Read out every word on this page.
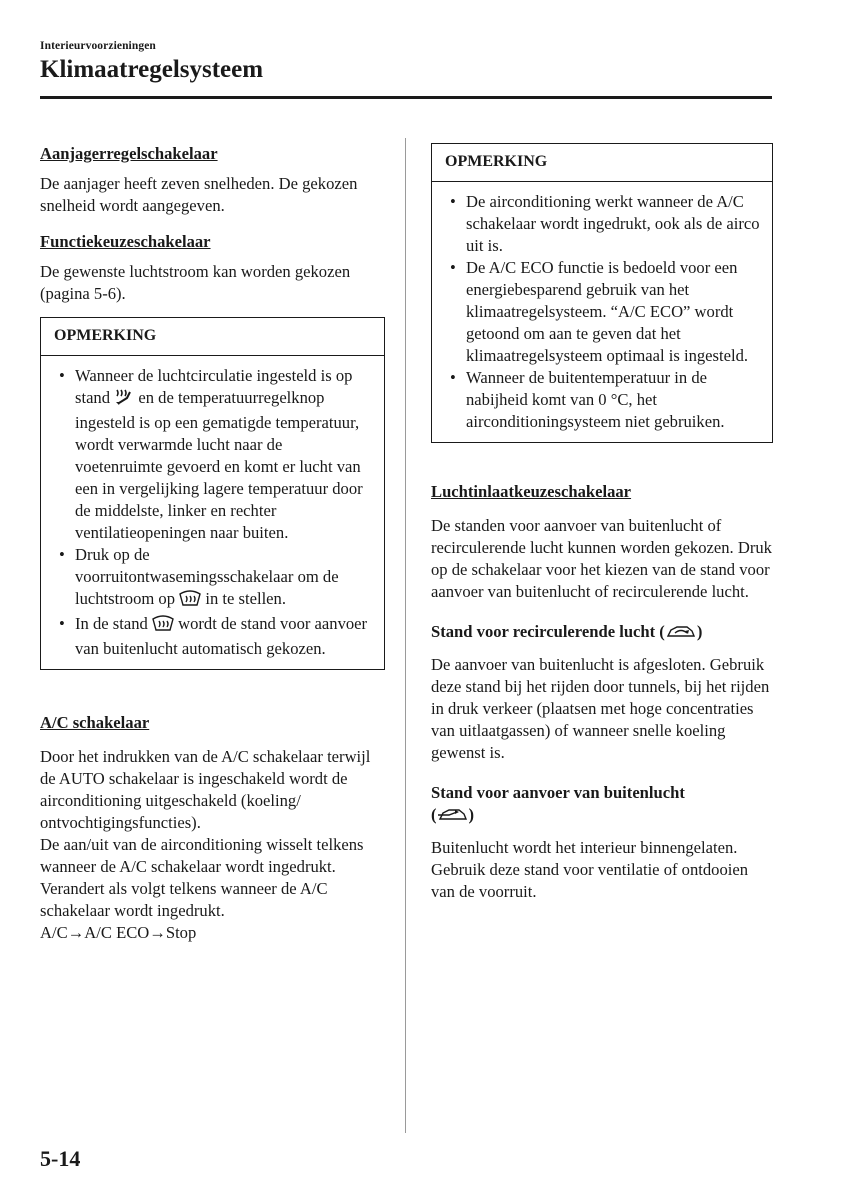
Interieurvoorzieningen
Klimaatregelsysteem
Aanjagerregelschakelaar

De aanjager heeft zeven snelheden. De gekozen snelheid wordt aangegeven.

Functiekeuzeschakelaar

De gewenste luchtstroom kan worden gekozen (pagina 5-6).

OPMERKING
• Wanneer de luchtcirculatie ingesteld is op stand en de temperatuurregelknop ingesteld is op een gematigde temperatuur, wordt verwarmde lucht naar de voetenruimte gevoerd en komt er lucht van een in vergelijking lagere temperatuur door de middelste, linker en rechter ventilatieopeningen naar buiten.
• Druk op de voorruitontwasemingsschakelaar om de luchtstroom op in te stellen.
• In de stand wordt de stand voor aanvoer van buitenlucht automatisch gekozen.
A/C schakelaar
Door het indrukken van de A/C schakelaar terwijl de AUTO schakelaar is ingeschakeld wordt de airconditioning uitgeschakeld (koeling/ ontvochtigingsfuncties).
De aan/uit van de airconditioning wisselt telkens wanneer de A/C schakelaar wordt ingedrukt.
Verandert als volgt telkens wanneer de A/C schakelaar wordt ingedrukt.
A/C→A/C ECO→Stop
OPMERKING
• De airconditioning werkt wanneer de A/C schakelaar wordt ingedrukt, ook als de airco uit is.
• De A/C ECO functie is bedoeld voor een energiebesparend gebruik van het klimaatregelsysteem. “A/C ECO” wordt getoond om aan te geven dat het klimaatregelsysteem optimaal is ingesteld.
• Wanneer de buitentemperatuur in de nabijheid komt van 0 °C, het airconditioningsysteem niet gebruiken.
Luchtinlaatkeuzeschakelaar

De standen voor aanvoer van buitenlucht of recirculerende lucht kunnen worden gekozen. Druk op de schakelaar voor het kiezen van de stand voor aanvoer van buitenlucht of recirculerende lucht.

Stand voor recirculerende lucht ( )

De aanvoer van buitenlucht is afgesloten. Gebruik deze stand bij het rijden door tunnels, bij het rijden in druk verkeer (plaatsen met hoge concentraties van uitlaatgassen) of wanneer snelle koeling gewenst is.

Stand voor aanvoer van buitenlucht
( )

Buitenlucht wordt het interieur binnengelaten. Gebruik deze stand voor ventilatie of ontdooien van de voorruit.

5-14
